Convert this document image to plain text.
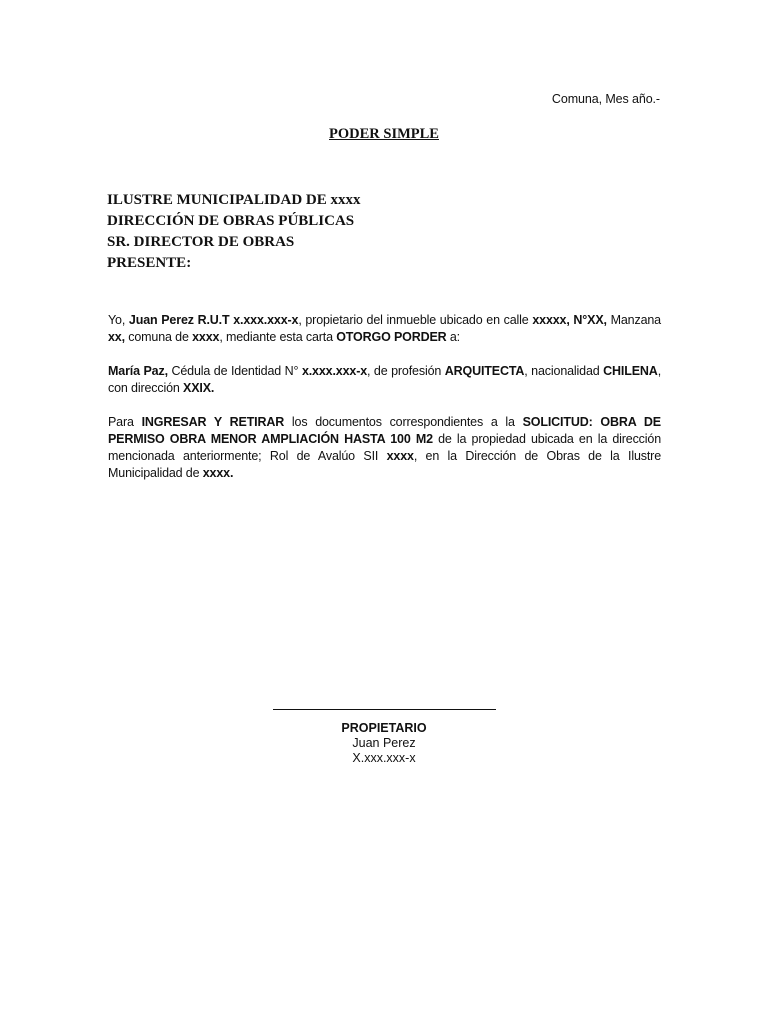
Comuna, Mes año.-
PODER SIMPLE
ILUSTRE MUNICIPALIDAD DE xxxx
DIRECCIÓN DE OBRAS PÚBLICAS
SR. DIRECTOR DE OBRAS
PRESENTE:
Yo, Juan Perez R.U.T x.xxx.xxx-x, propietario del inmueble ubicado en calle xxxxx, N°XX, Manzana xx, comuna de xxxx, mediante esta carta OTORGO PORDER a:
María Paz, Cédula de Identidad N° x.xxx.xxx-x, de profesión ARQUITECTA, nacionalidad CHILENA, con dirección XXIX.
Para INGRESAR Y RETIRAR los documentos correspondientes a la SOLICITUD: OBRA DE PERMISO OBRA MENOR AMPLIACIÓN HASTA 100 M2 de la propiedad ubicada en la dirección mencionada anteriormente; Rol de Avalúo SII xxxx, en la Dirección de Obras de la Ilustre Municipalidad de xxxx.
PROPIETARIO
Juan Perez
X.xxx.xxx-x
